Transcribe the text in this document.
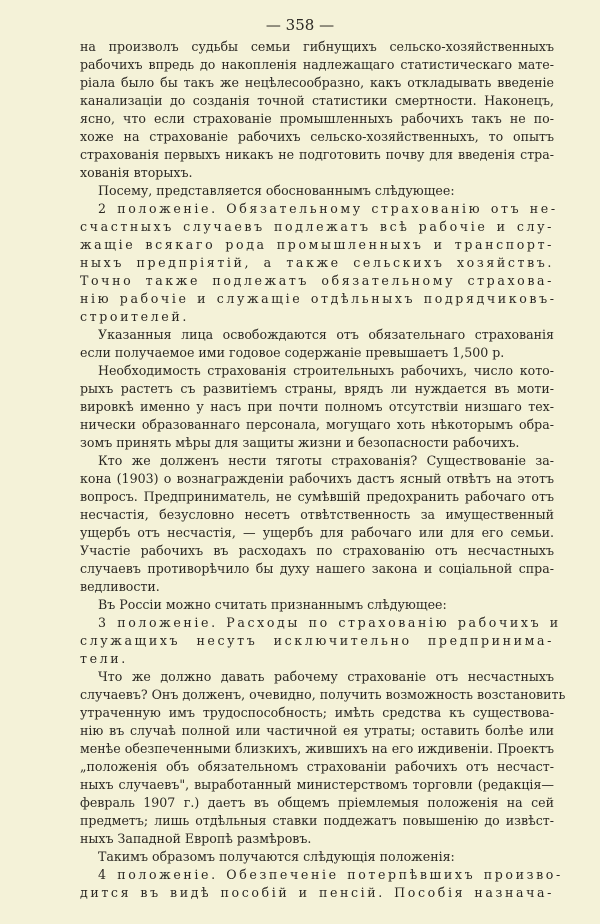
— 358 —
на произволъ судьбы семьи гибнущихъ сельско-хозяйственныхъ
рабочихъ впредь до накопленія надлежащаго статистическаго мате-
ріала было бы такъ же нецѣлесообразно, какъ откладывать введеніе
канализаціи до созданія точной статистики смертности. Наконецъ,
ясно, что если страхованіе промышленныхъ рабочихъ такъ не по-
хоже на страхованіе рабочихъ сельско-хозяйственныхъ, то опытъ
страхованія первыхъ никакъ не подготовить почву для введенія стра-
хованія вторыхъ.
Посему, представляется обоснованнымъ слѣдующее:
2 положеніе. Обязательному страхованію отъ не-
счастныхъ случаевъ подлежатъ всѣ рабочіе и слу-
жащіе всякаго рода промышленныхъ и транспорт-
ныхъ предпріятій, а также сельскихъ хозяйствъ.
Точно также подлежатъ обязательному страхова-
нію рабочіе и служащіе отдѣльныхъ подрядчиковъ-
строителей.
Указанныя лица освобождаются отъ обязательнаго страхованія
если получаемое ими годовое содержаніе превышаетъ 1,500 р.
Необходимость страхованія строительныхъ рабочихъ, число кото-
рыхъ растетъ съ развитіемъ страны, врядъ ли нуждается въ моти-
вировкѣ именно у насъ при почти полномъ отсутствіи низшаго тех-
нически образованнаго персонала, могущаго хоть нѣкоторымъ обра-
зомъ принять мѣры для защиты жизни и безопасности рабочихъ.
Кто же долженъ нести тяготы страхованія? Существованіе за-
кона (1903) о вознагражденіи рабочихъ дастъ ясный отвѣтъ на этотъ
вопросъ. Предприниматель, не сумѣвшій предохранить рабочаго отъ
несчастія, безусловно несетъ отвѣтственность за имущественный
ущербъ отъ несчастія, — ущербъ для рабочаго или для его семьи.
Участіе рабочихъ въ расходахъ по страхованію отъ несчастныхъ
случаевъ противорѣчило бы духу нашего закона и соціальной спра-
ведливости.
Въ Россіи можно считать признаннымъ слѣдующее:
3 положеніе. Расходы по страхованію рабочихъ и
служащихъ несутъ исключительно предпринима-
тели.
Что же должно давать рабочему страхованіе отъ несчастныхъ
случаевъ? Онъ долженъ, очевидно, получить возможность возстановить
утраченную имъ трудоспособность; имѣть средства къ существова-
нію въ случаѣ полной или частичной ея утраты; оставить болѣе или
менѣе обезпеченными близкихъ, жившихъ на его иждивеніи. Проектъ
„положенія объ обязательномъ страхованіи рабочихъ отъ несчаст-
ныхъ случаевъ", выработанный министерствомъ торговли (редакція—
февраль 1907 г.) даетъ въ общемъ пріемлемыя положенія на сей
предметъ; лишь отдѣльныя ставки поддежатъ повышенію до извѣст-
ныхъ Западной Европѣ размѣровъ.
Такимъ образомъ получаются слѣдующія положенія:
4 положеніе. Обезпеченіе потерпѣвшихъ произво-
дится въ видѣ пособій и пенсій. Пособія назнача-
